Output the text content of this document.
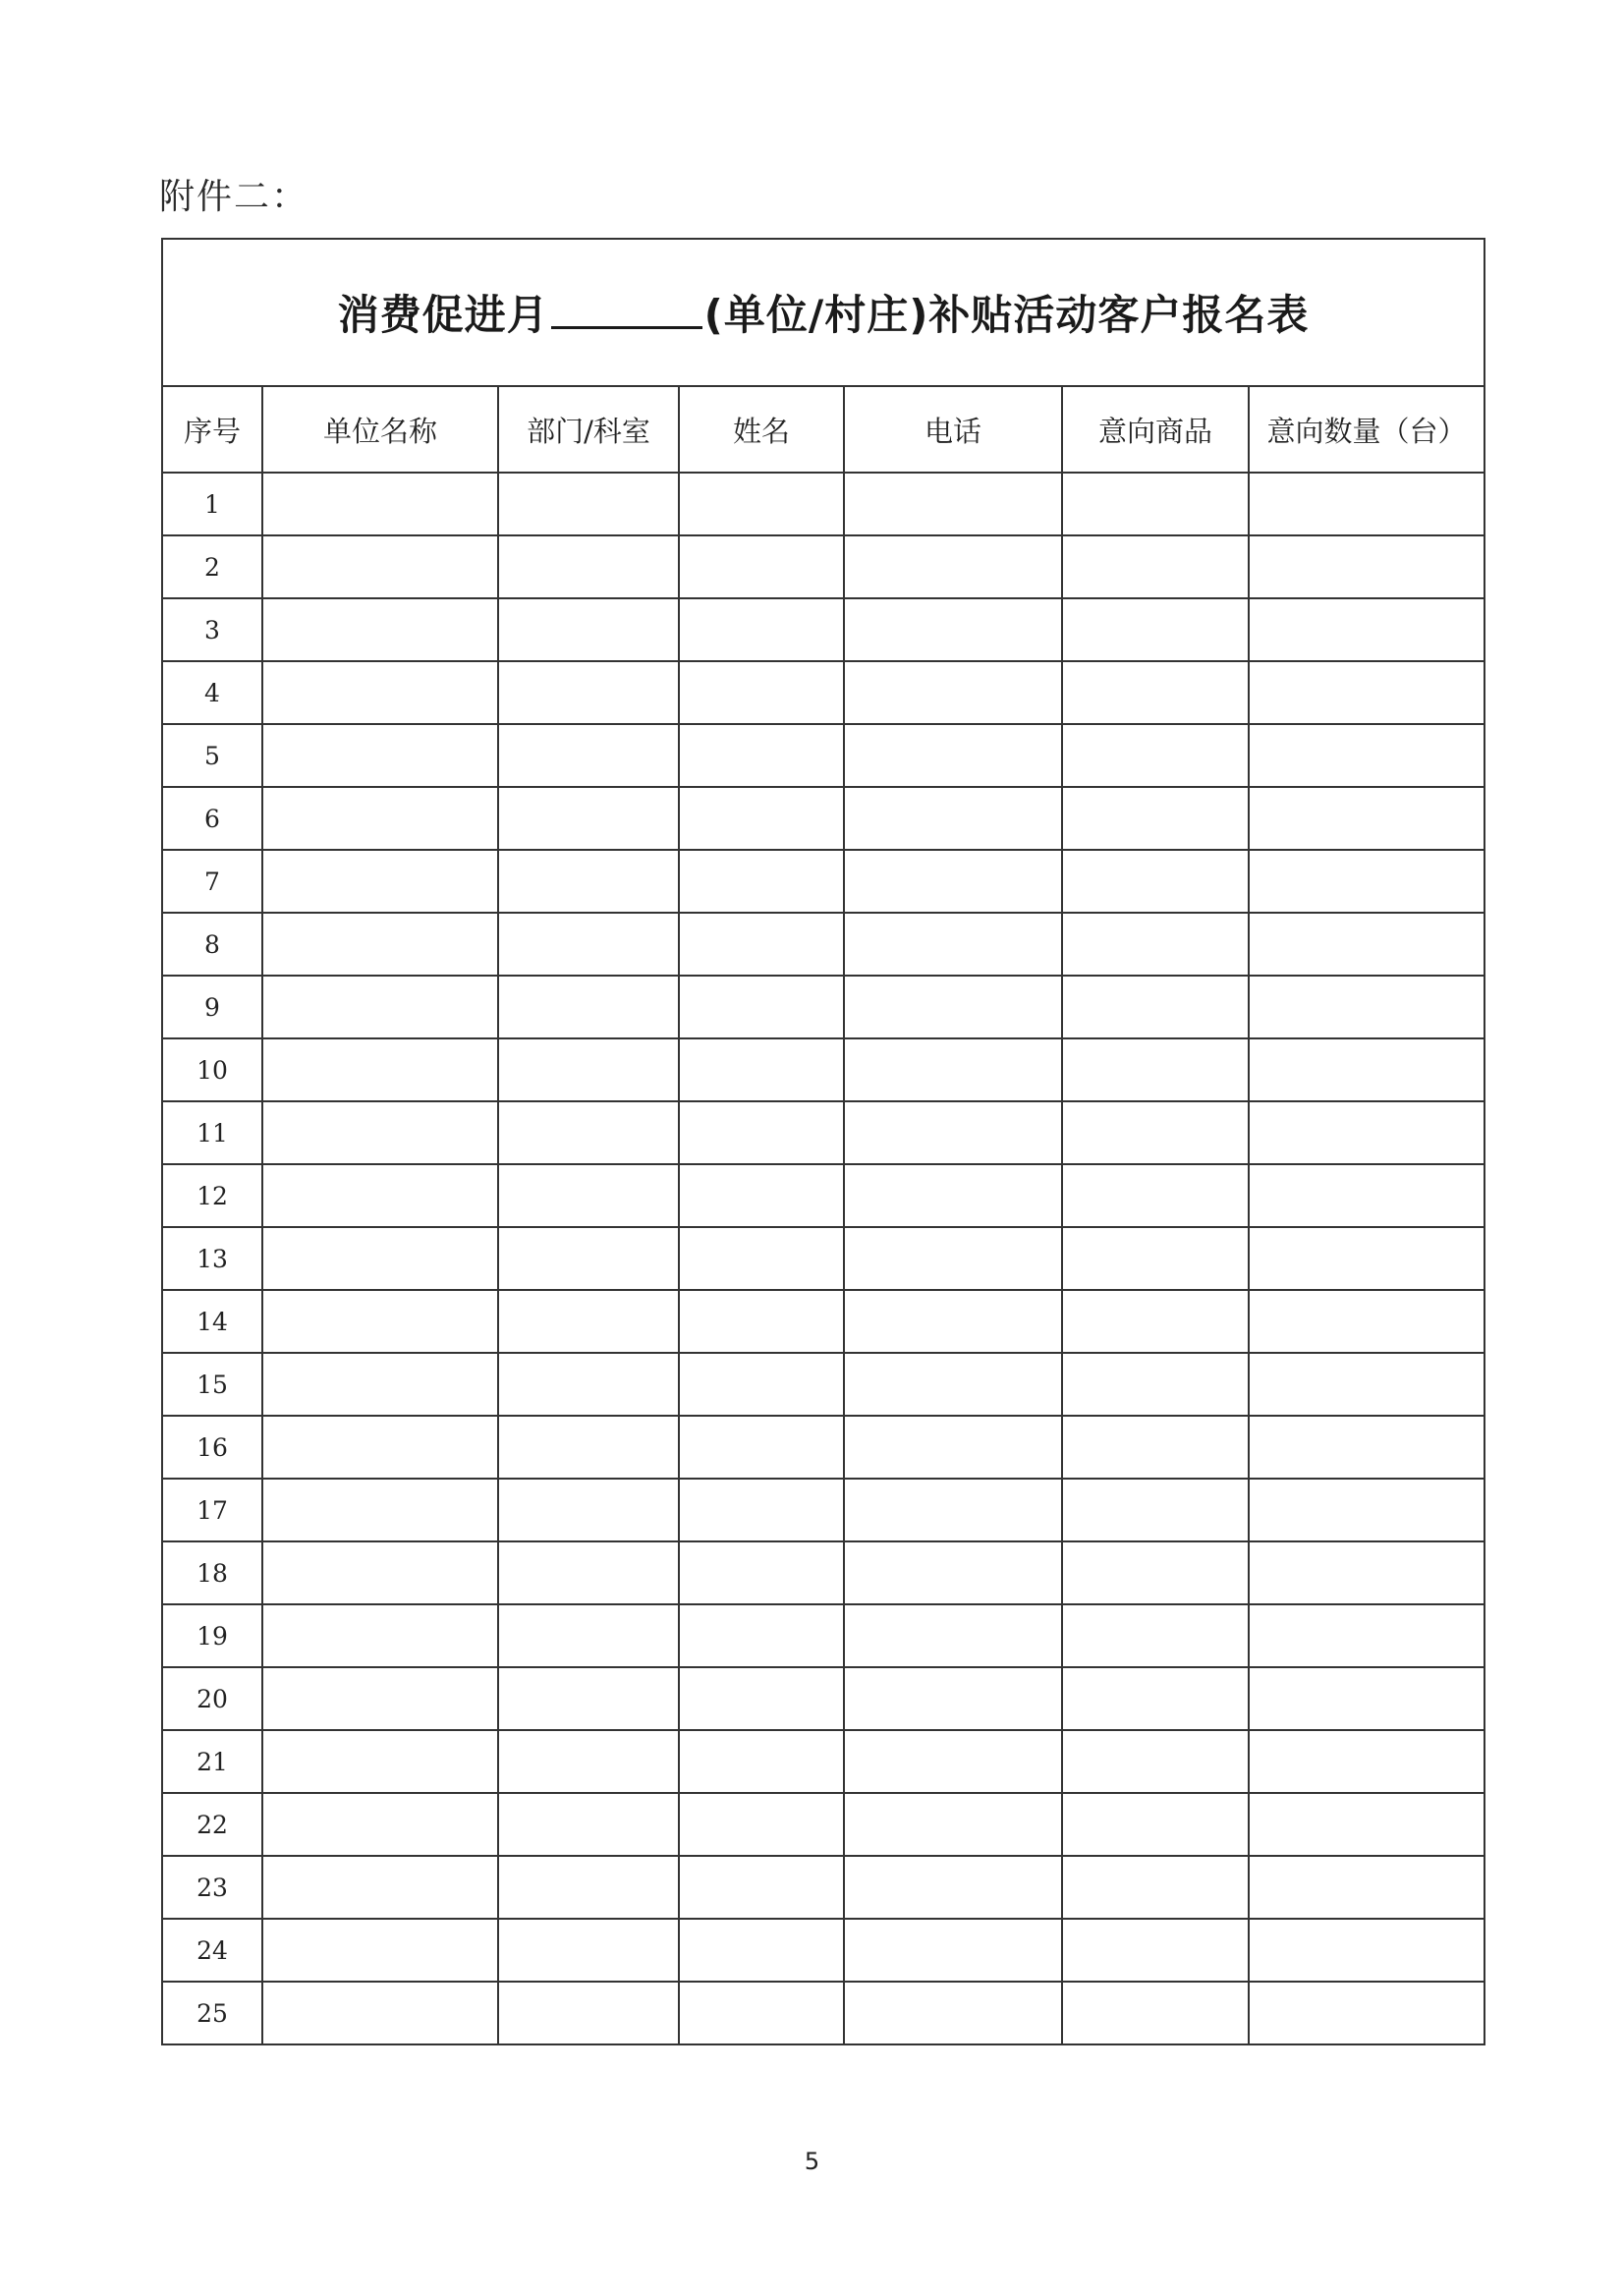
附件二：
消费促进月 (单位/村庄)补贴活动客户报名表						
序号	单位名称	部门/科室	姓名	电话	意向商品	意向数量（台）
1						
2						
3						
4						
5						
6						
7						
8						
9						
10						
11						
12						
13						
14						
15						
16						
17						
18						
19						
20						
21						
22						
23						
24						
25						
5
